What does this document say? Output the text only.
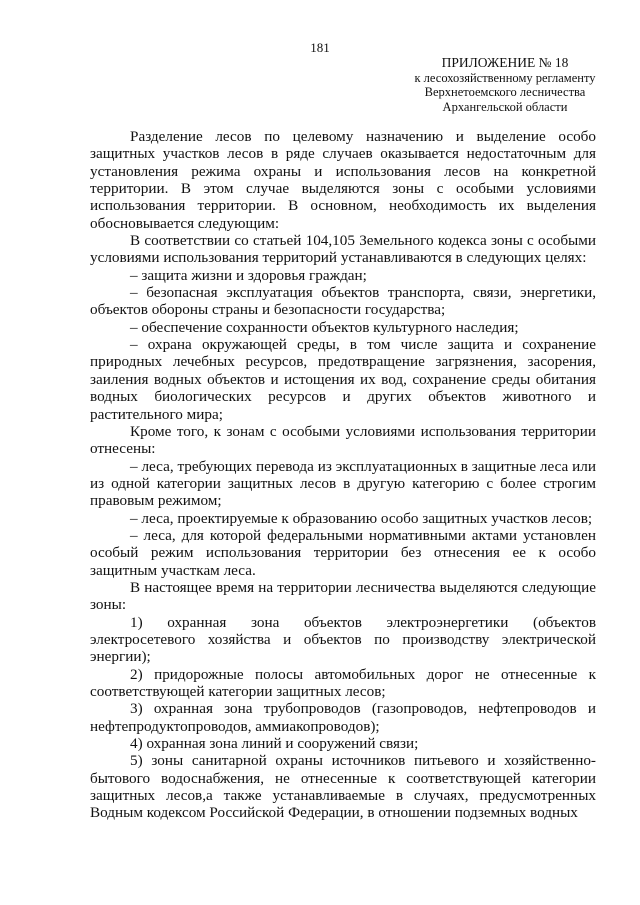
181
ПРИЛОЖЕНИЕ № 18
к лесохозяйственному регламенту
Верхнетоемского лесничества
Архангельской области

Разделение лесов по целевому назначению и выделение особо защитных участков лесов в ряде случаев оказывается недостаточным для установления режима охраны и использования лесов на конкретной территории. В этом случае выделяются зоны с особыми условиями использования территории. В основном, необходимость их выделения обосновывается следующим:

В соответствии со статьей 104,105 Земельного кодекса зоны с особыми условиями использования территорий устанавливаются в следующих целях:

– защита жизни и здоровья граждан;

– безопасная эксплуатация объектов транспорта, связи, энергетики, объектов обороны страны и безопасности государства;

– обеспечение сохранности объектов культурного наследия;

– охрана окружающей среды, в том числе защита и сохранение природных лечебных ресурсов, предотвращение загрязнения, засорения, заиления водных объектов и истощения их вод, сохранение среды обитания водных биологических ресурсов и других объектов животного и растительного мира;

Кроме того, к зонам с особыми условиями использования территории отнесены:

– леса, требующих перевода из эксплуатационных в защитные леса или из одной категории защитных лесов в другую категорию с более строгим правовым режимом;

– леса, проектируемые к образованию особо защитных участков лесов;

– леса, для которой федеральными нормативными актами установлен особый режим использования территории без отнесения ее к особо защитным участкам леса.

В настоящее время на территории лесничества выделяются следующие зоны:

1) охранная зона объектов электроэнергетики (объектов электросетевого хозяйства и объектов по производству электрической энергии);

2) придорожные полосы автомобильных дорог не отнесенные к соответствующей категории защитных лесов;

3) охранная зона трубопроводов (газопроводов, нефтепроводов и нефтепродуктопроводов, аммиакопроводов);

4) охранная зона линий и сооружений связи;

5) зоны санитарной охраны источников питьевого и хозяйственно-бытового водоснабжения, не отнесенные к соответствующей категории защитных лесов,а также устанавливаемые в случаях, предусмотренных Водным кодексом Российской Федерации, в отношении подземных водных
